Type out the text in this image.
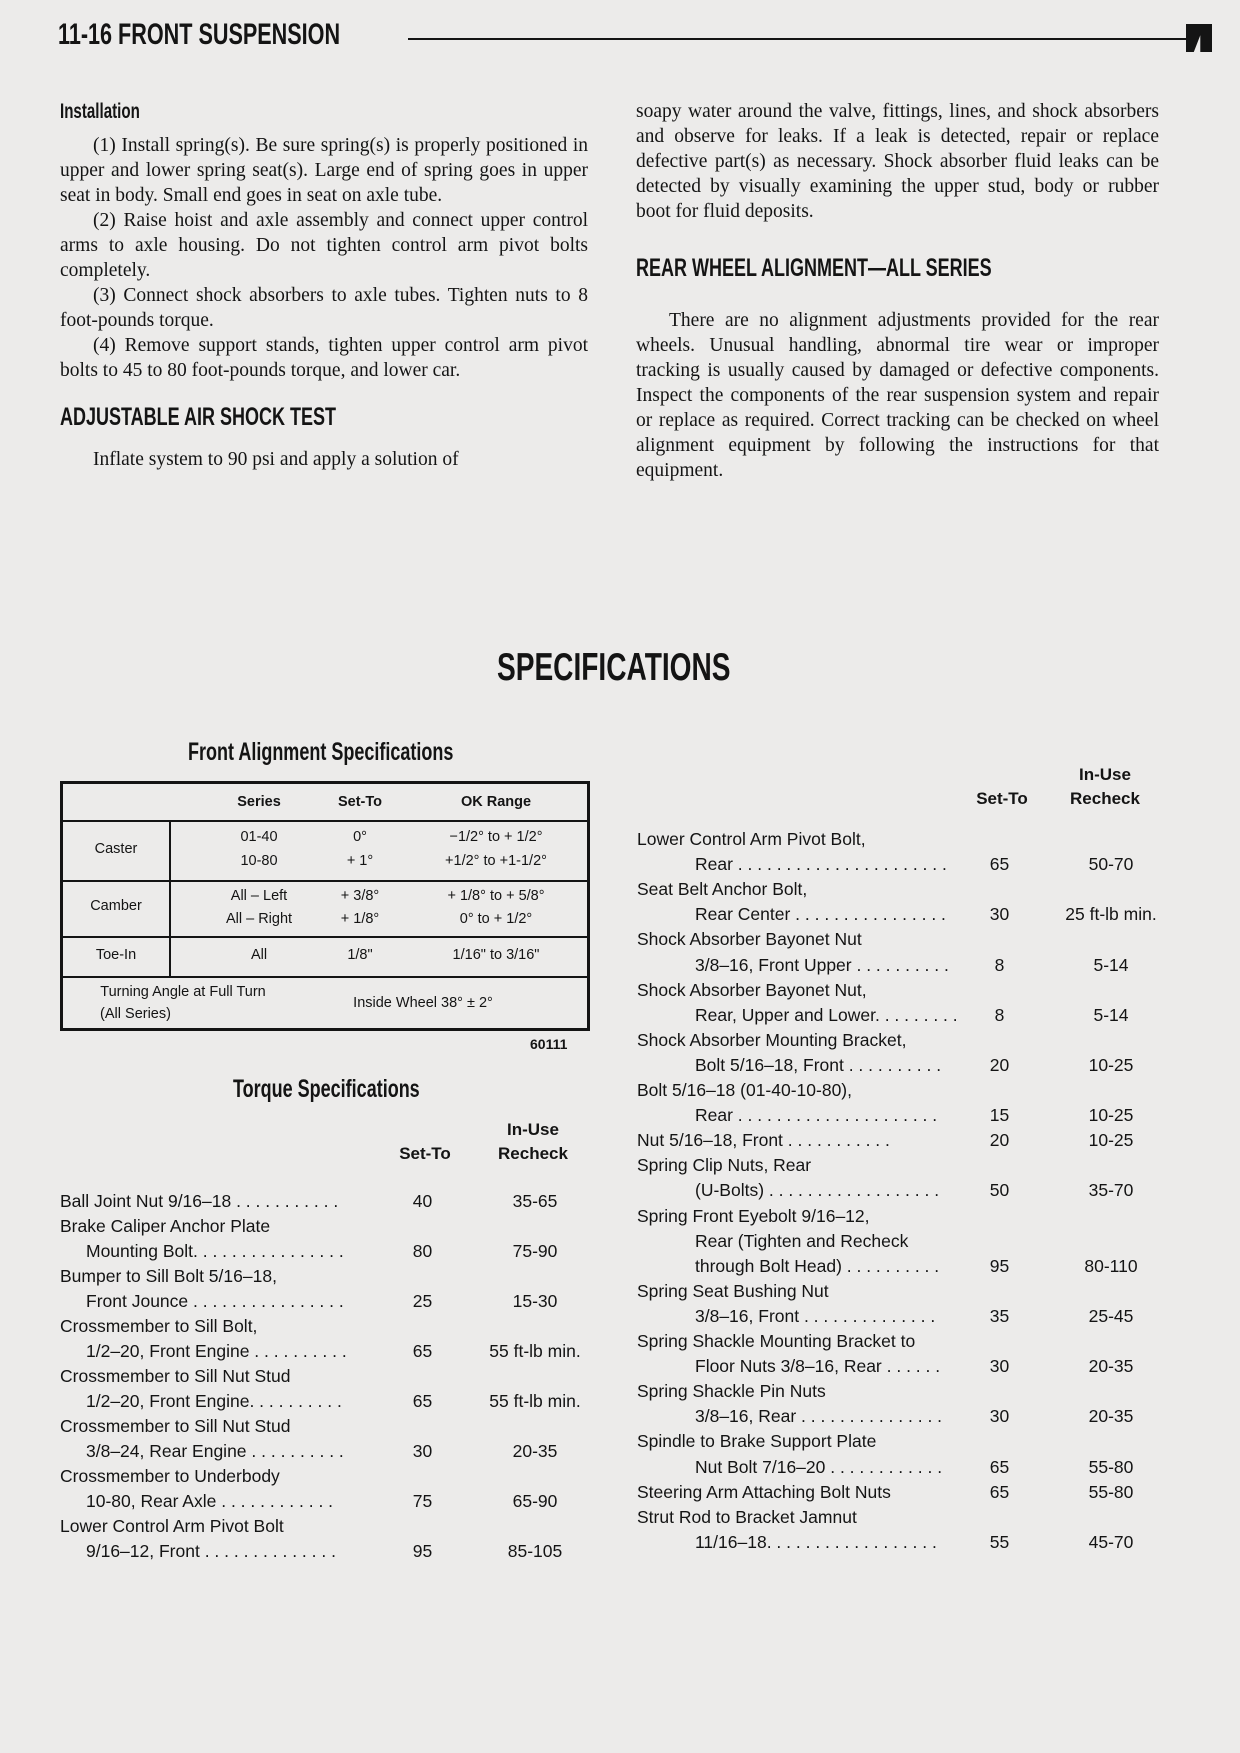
11-16 FRONT SUSPENSION
Installation

(1) Install spring(s). Be sure spring(s) is properly positioned in upper and lower spring seat(s). Large end of spring goes in upper seat in body. Small end goes in seat on axle tube.

(2) Raise hoist and axle assembly and connect upper control arms to axle housing. Do not tighten control arm pivot bolts completely.

(3) Connect shock absorbers to axle tubes. Tighten nuts to 8 foot-pounds torque.

(4) Remove support stands, tighten upper control arm pivot bolts to 45 to 80 foot-pounds torque, and lower car.

ADJUSTABLE AIR SHOCK TEST

Inflate system to 90 psi and apply a solution of

soapy water around the valve, fittings, lines, and shock absorbers and observe for leaks. If a leak is detected, repair or replace defective part(s) as necessary. Shock absorber fluid leaks can be detected by visually examining the upper stud, body or rubber boot for fluid deposits.

REAR WHEEL ALIGNMENT—ALL SERIES

There are no alignment adjustments provided for the rear wheels. Unusual handling, abnormal tire wear or improper tracking is usually caused by damaged or defective components. Inspect the components of the rear suspension system and repair or replace as required. Correct tracking can be checked on wheel alignment equipment by following the instructions for that equipment.

SPECIFICATIONS
Front Alignment Specifications
Series	Set-To	OK Range
Caster
01-40	0°	−1/2° to + 1/2°
10-80	+ 1°	+1/2° to +1-1/2°
Camber
All – Left	+ 3/8°	+ 1/8° to + 5/8°
All – Right	+ 1/8°	0° to + 1/2°
Toe-In	All	1/8"	1/16" to 3/16"
Turning Angle at Full Turn
(All Series)
Inside Wheel 38° ± 2°
60111
Torque Specifications
Set-To
In-Use
Recheck
Set-To
In-Use
Recheck
Ball Joint Nut 9/16–18 . . . . . . . . . . .	40	35-65
Brake Caliper Anchor Plate
Mounting Bolt. . . . . . . . . . . . . . . .	80	75-90
Bumper to Sill Bolt 5/16–18,
Front Jounce . . . . . . . . . . . . . . . .	25	15-30
Crossmember to Sill Bolt,
1/2–20, Front Engine . . . . . . . . . .	65	55 ft-lb min.
Crossmember to Sill Nut Stud
1/2–20, Front Engine. . . . . . . . . .	65	55 ft-lb min.
Crossmember to Sill Nut Stud
3/8–24, Rear Engine . . . . . . . . . .	30	20-35
Crossmember to Underbody
10-80, Rear Axle . . . . . . . . . . . .	75	65-90
Lower Control Arm Pivot Bolt
9/16–12, Front . . . . . . . . . . . . . .	95	85-105
Lower Control Arm Pivot Bolt,
Rear . . . . . . . . . . . . . . . . . . . . . .	65	50-70
Seat Belt Anchor Bolt,
Rear Center . . . . . . . . . . . . . . . .	30	25 ft-lb min.
Shock Absorber Bayonet Nut
3/8–16, Front Upper . . . . . . . . . .	8	5-14
Shock Absorber Bayonet Nut,
Rear, Upper and Lower. . . . . . . . .	8	5-14
Shock Absorber Mounting Bracket,
Bolt 5/16–18, Front . . . . . . . . . .	20	10-25
Bolt 5/16–18 (01-40-10-80),
Rear . . . . . . . . . . . . . . . . . . . . .	15	10-25
Nut 5/16–18, Front . . . . . . . . . . .	20	10-25
Spring Clip Nuts, Rear
(U-Bolts) . . . . . . . . . . . . . . . . . .	50	35-70
Spring Front Eyebolt 9/16–12,
Rear (Tighten and Recheck
through Bolt Head) . . . . . . . . . .	95	80-110
Spring Seat Bushing Nut
3/8–16, Front . . . . . . . . . . . . . .	35	25-45
Spring Shackle Mounting Bracket to
Floor Nuts 3/8–16, Rear . . . . . .	30	20-35
Spring Shackle Pin Nuts
3/8–16, Rear . . . . . . . . . . . . . . .	30	20-35
Spindle to Brake Support Plate
Nut Bolt 7/16–20 . . . . . . . . . . . .	65	55-80
Steering Arm Attaching Bolt Nuts	65	55-80
Strut Rod to Bracket Jamnut
11/16–18. . . . . . . . . . . . . . . . . .	55	45-70
